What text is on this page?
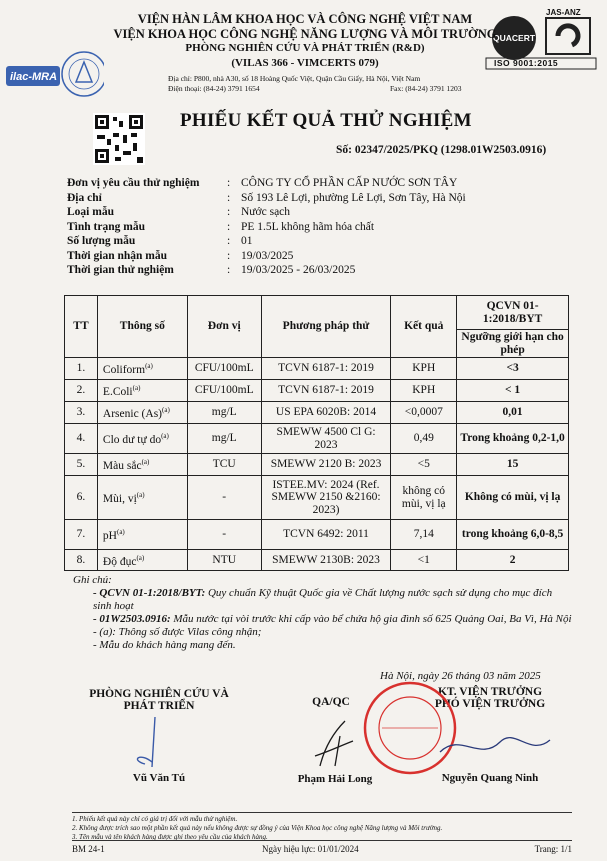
ilac-MRA
JAS-ANZ
QUACERT
ISO 9001:2015
VIỆN HÀN LÂM KHOA HỌC VÀ CÔNG NGHỆ VIỆT NAM
VIỆN KHOA HỌC CÔNG NGHỆ NĂNG LƯỢNG VÀ MÔI TRƯỜNG
PHÒNG NGHIÊN CỨU VÀ PHÁT TRIỂN (R&D)
(VILAS 366 - VIMCERTS 079)
Địa chỉ: P800, nhà A30, số 18 Hoàng Quốc Việt, Quận Cầu Giấy, Hà Nội, Việt Nam
Điện thoại: (84-24) 3791 1654	Fax: (84-24) 3791 1203
PHIẾU KẾT QUẢ THỬ NGHIỆM
Số: 02347/2025/PKQ (1298.01W2503.0916)
Đơn vị yêu cầu thử nghiệm	: CÔNG TY CỔ PHẦN CẤP NƯỚC SƠN TÂY
Địa chỉ	: Số 193 Lê Lợi, phường Lê Lợi, Sơn Tây, Hà Nội
Loại mẫu	: Nước sạch
Tình trạng mẫu	: PE 1.5L không hãm hóa chất
Số lượng mẫu	: 01
Thời gian nhận mẫu	: 19/03/2025
Thời gian thử nghiệm	: 19/03/2025 - 26/03/2025
TT	Thông số	Đơn vị	Phương pháp thử	Kết quả	QCVN 01-1:2018/BYT
					Ngưỡng giới hạn cho phép
1.	Coliform$^{(a)}$	CFU/100mL	TCVN 6187-1: 2019	KPH	<3
2.	E.Coli$^{(a)}$	CFU/100mL	TCVN 6187-1: 2019	KPH	< 1
3.	Arsenic $(As)^{(a)}$	mg/L	US EPA 6020B: 2014	<0,0007	0,01
4.	Clo dư tự $do^{(a)}$	mg/L	SMEWW 4500 Cl G: 2023	0,49	Trong khoảng 0,2-1,0
5.	Màu sắc$^{(a)}$	TCU	SMEWW 2120 B: 2023	<5	15
6.	Mùi, vị$^{(a)}$	-	ISTEE.MV: 2024 (Ref. SMEWW 2150 &2160: 2023)	không có mùi, vị lạ	Không có mùi, vị lạ
7.	$pH^{(a)}$	-	TCVN 6492: 2011	7,14	trong khoảng 6,0-8,5
8.	Độ đục$^{(a)}$	NTU	SMEWW 2130B: 2023	<1	2
Ghi chú:
- QCVN 01-1:2018/BYT: Quy chuẩn Kỹ thuật Quốc gia về Chất lượng nước sạch sử dụng cho mục đích sinh hoạt
- 01W2503.0916: Mẫu nước tại vòi trước khi cấp vào bể chứa hộ gia đình số 625 Quảng Oai, Ba Vì, Hà Nội
- (a): Thông số được Vilas công nhận;
- Mẫu do khách hàng mang đến.
Hà Nội, ngày 26 tháng 03 năm 2025
PHÒNG NGHIÊN CỨU VÀ PHÁT TRIỂN	QA/QC
KT. VIỆN TRƯỞNG
PHÓ VIỆN TRƯỞNG
Vũ Văn Tú	Phạm Hải Long	Nguyễn Quang Ninh
1. Phiếu kết quả này chỉ có giá trị đối với mẫu thử nghiệm.
2. Không được trích sao một phần kết quả này nếu không được sự đồng ý của Viện Khoa học công nghệ Năng lượng và Môi trường.
3. Tên mẫu và tên khách hàng được ghi theo yêu cầu của khách hàng.
BM 24-1	Ngày hiệu lực: 01/01/2024	Trang: 1/1
